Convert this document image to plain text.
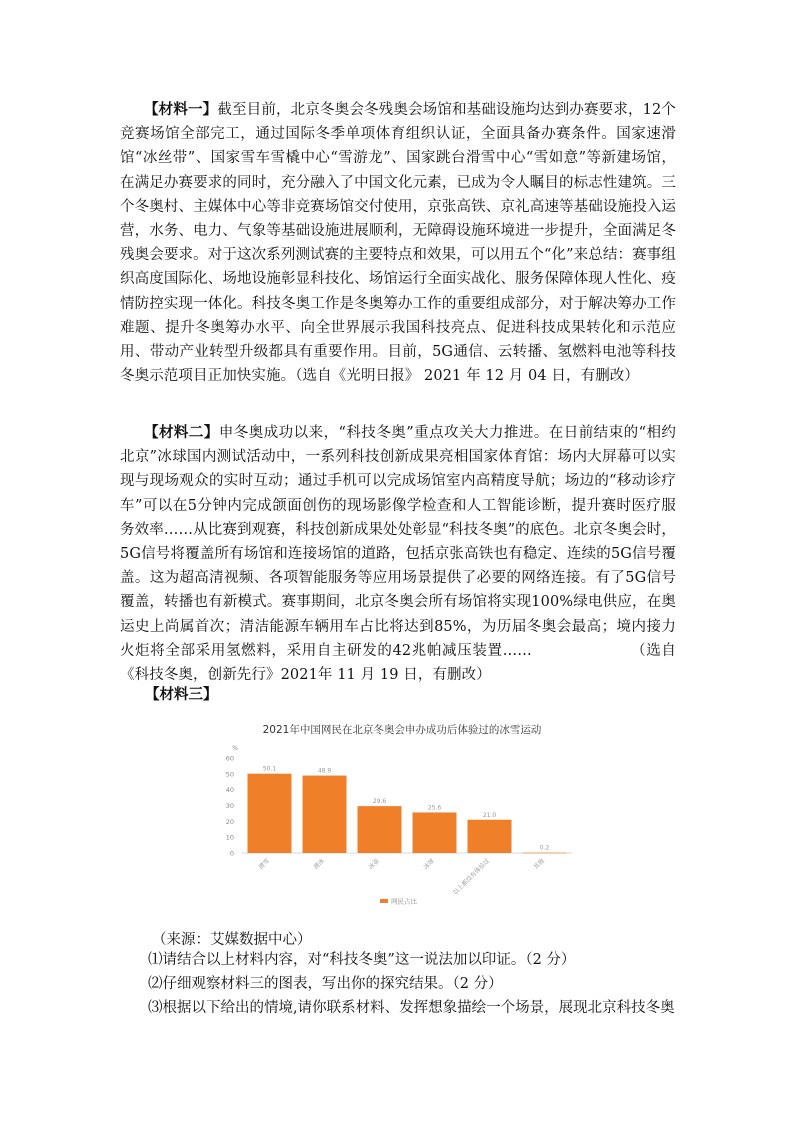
【材料一】截至目前，北京冬奥会冬残奥会场馆和基础设施均达到办赛要求，12个竞赛场馆全部完工，通过国际冬季单项体育组织认证，全面具备办赛条件。国家速滑馆“冰丝带”、国家雪车雪橇中心“雪游龙”、国家跳台滑雪中心“雪如意”等新建场馆，在满足办赛要求的同时，充分融入了中国文化元素，已成为令人瞩目的标志性建筑。三个冬奥村、主媒体中心等非竞赛场馆交付使用，京张高铁、京礼高速等基础设施投入运营，水务、电力、气象等基础设施进展顺利，无障碍设施环境进一步提升，全面满足冬残奥会要求。对于这次系列测试赛的主要特点和效果，可以用五个“化”来总结：赛事组织高度国际化、场地设施彰显科技化、场馆运行全面实战化、服务保障体现人性化、疫情防控实现一体化。科技冬奥工作是冬奥筹办工作的重要组成部分，对于解决筹办工作难题、提升冬奥筹办水平、向全世界展示我国科技亮点、促进科技成果转化和示范应用、带动产业转型升级都具有重要作用。目前，5G通信、云转播、氢燃料电池等科技冬奥示范项目正加快实施。（选自《光明日报》 2021 年 12 月 04 日，有删改）
【材料二】申冬奥成功以来，“科技冬奥”重点攻关大力推进。在日前结束的“相约北京”冰球国内测试活动中，一系列科技创新成果亮相国家体育馆：场内大屏幕可以实现与现场观众的实时互动；通过手机可以完成场馆室内高精度导航；场边的“移动诊疗车”可以在5分钟内完成颌面创伤的现场影像学检查和人工智能诊断，提升赛时医疗服务效率……从比赛到观赛，科技创新成果处处彰显“科技冬奥”的底色。北京冬奥会时，5G信号将覆盖所有场馆和连接场馆的道路，包括京张高铁也有稳定、连续的5G信号覆盖。这为超高清视频、各项智能服务等应用场景提供了必要的网络连接。有了5G信号覆盖，转播也有新模式。赛事期间，北京冬奥会所有场馆将实现100%绿电供应，在奥运史上尚属首次；清洁能源车辆用车占比将达到85%，为历届冬奥会最高；境内接力火炬将全部采用氢燃料，采用自主研发的42兆帕减压装置……　　　　　　　（选自《科技冬奥，创新先行》2021年 11 月 19 日，有删改）
【材料三】
2021年中国网民在北京冬奥会申办成功后体验过的冰雪运动
%
0
10
20
30
40
50
60
50.1
滑雪
48.9
滑冰
29.6
冰壶
25.6
冰球
21.0
以上都没有体验过
0.2
其他
网民占比
（来源：艾媒数据中心）
⑴请结合以上材料内容，对“科技冬奥”这一说法加以印证。（2 分）
⑵仔细观察材料三的图表，写出你的探究结果。（2 分）
⑶根据以下给出的情境,请你联系材料、发挥想象描绘一个场景，展现北京科技冬奥
